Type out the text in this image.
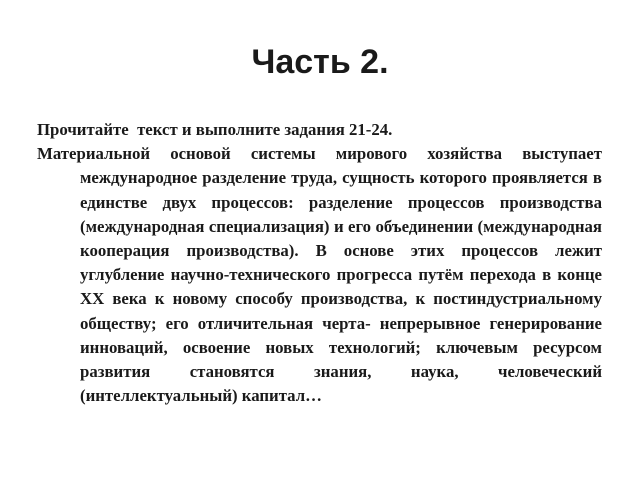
Часть 2.

Прочитайте  текст и выполните задания 21-24.

Материальной основой системы мирового хозяйства выступает международное разделение труда, сущность которого проявляется в единстве двух процессов: разделение процессов производства (международная специализация) и его объединении (международная кооперация производства). В основе этих процессов лежит углубление научно-технического прогресса путём перехода в конце XX века к новому способу производства, к постиндустриальному обществу; его отличительная черта- непрерывное генерирование инноваций, освоение новых технологий; ключевым ресурсом развития становятся знания, наука, человеческий (интеллектуальный) капитал…
